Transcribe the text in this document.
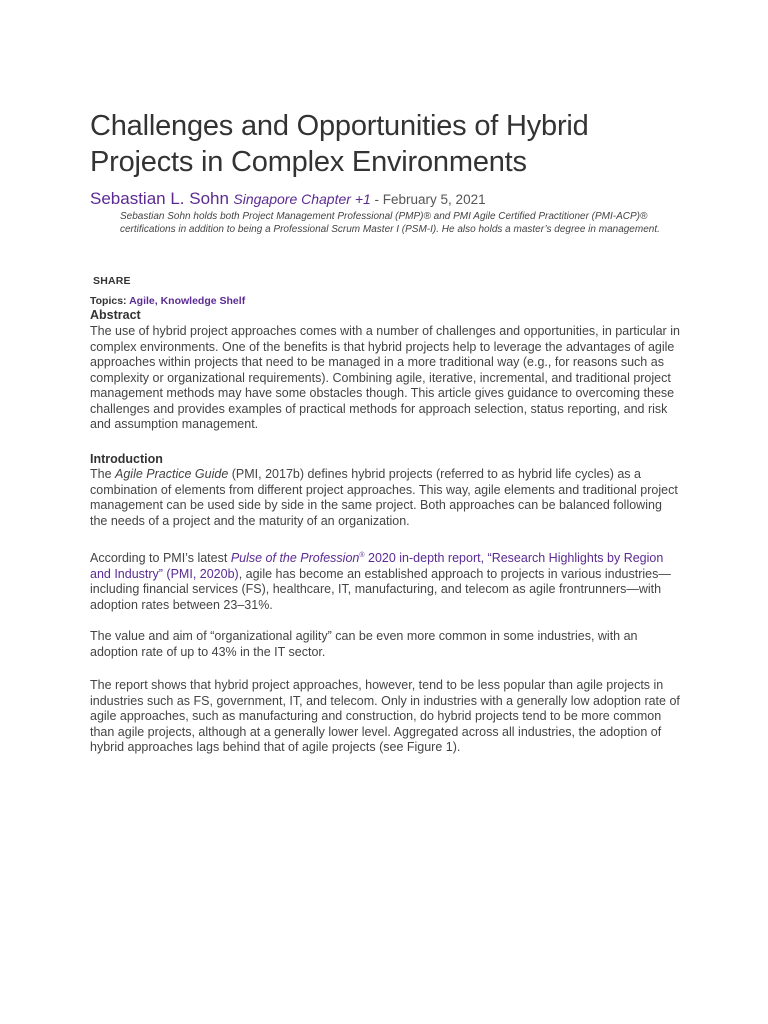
Challenges and Opportunities of Hybrid Projects in Complex Environments
Sebastian L. Sohn Singapore Chapter +1 - February 5, 2021

Sebastian Sohn holds both Project Management Professional (PMP)® and PMI Agile Certified Practitioner (PMI-ACP)® certifications in addition to being a Professional Scrum Master I (PSM-I). He also holds a master’s degree in management.

SHARE
Topics: Agile, Knowledge Shelf
Abstract

The use of hybrid project approaches comes with a number of challenges and opportunities, in particular in complex environments. One of the benefits is that hybrid projects help to leverage the advantages of agile approaches within projects that need to be managed in a more traditional way (e.g., for reasons such as complexity or organizational requirements). Combining agile, iterative, incremental, and traditional project management methods may have some obstacles though. This article gives guidance to overcoming these challenges and provides examples of practical methods for approach selection, status reporting, and risk and assumption management.

Introduction

The Agile Practice Guide (PMI, 2017b) defines hybrid projects (referred to as hybrid life cycles) as a combination of elements from different project approaches. This way, agile elements and traditional project management can be used side by side in the same project. Both approaches can be balanced following the needs of a project and the maturity of an organization.

According to PMI’s latest Pulse of the Profession® 2020 in-depth report, “Research Highlights by Region and Industry” (PMI, 2020b), agile has become an established approach to projects in various industries—including financial services (FS), healthcare, IT, manufacturing, and telecom as agile frontrunners—with adoption rates between 23–31%.

The value and aim of “organizational agility” can be even more common in some industries, with an adoption rate of up to 43% in the IT sector.

The report shows that hybrid project approaches, however, tend to be less popular than agile projects in industries such as FS, government, IT, and telecom. Only in industries with a generally low adoption rate of agile approaches, such as manufacturing and construction, do hybrid projects tend to be more common than agile projects, although at a generally lower level. Aggregated across all industries, the adoption of hybrid approaches lags behind that of agile projects (see Figure 1).
